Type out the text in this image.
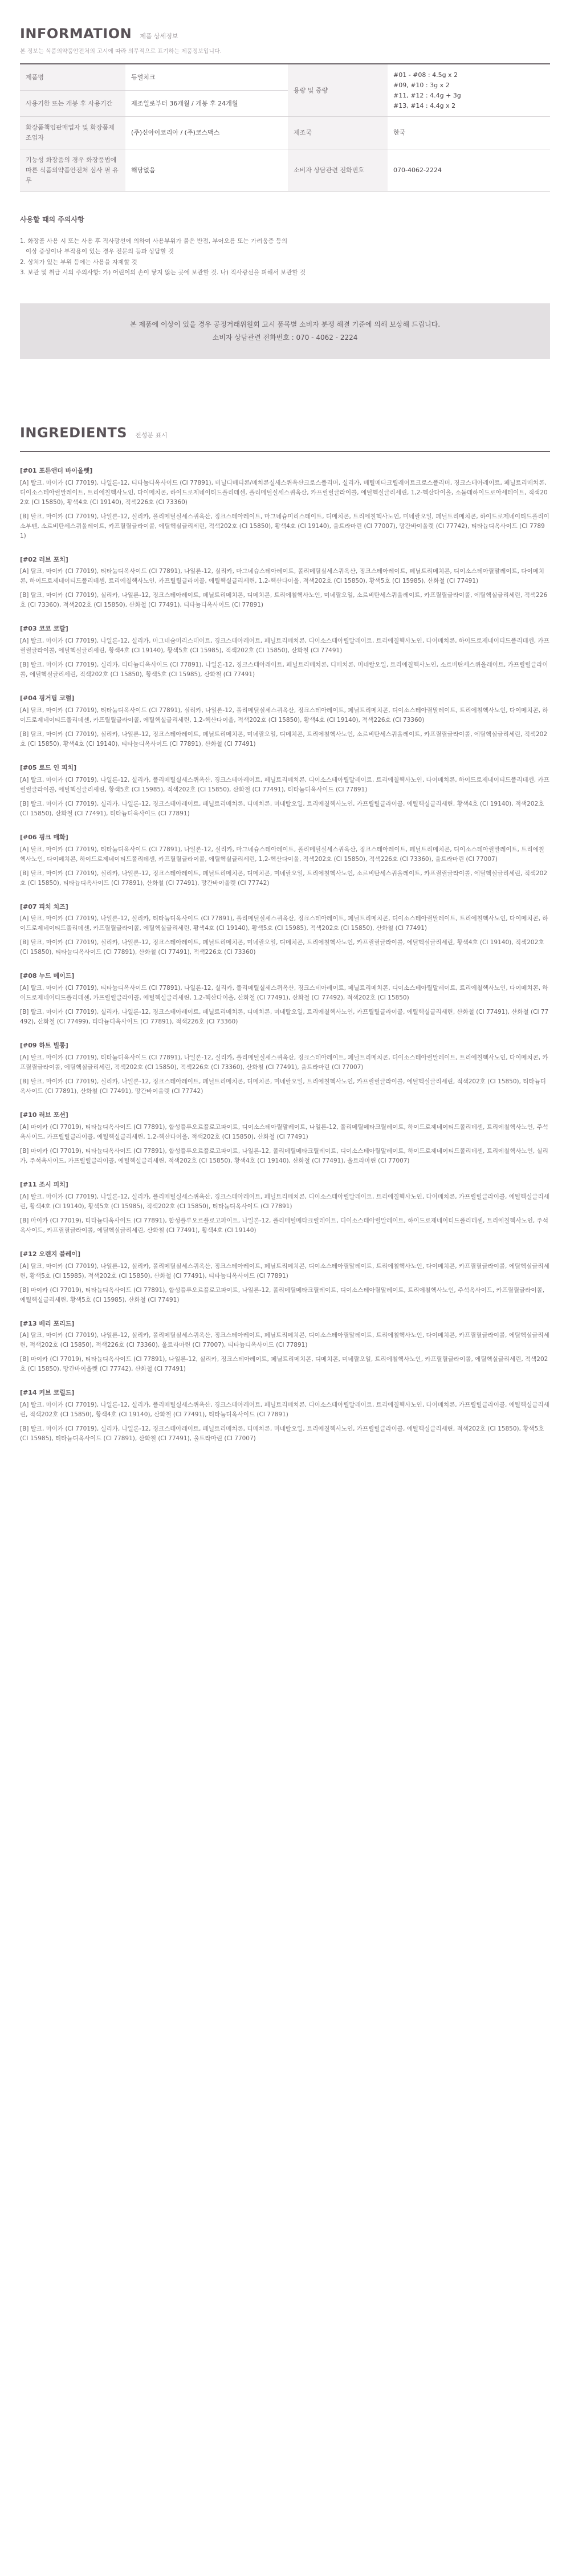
INFORMATION 제품 상세정보

본 정보는 식품의약품안전처의 고시에 따라 의무적으로 표기하는 제품정보입니다.

제품명	듀얼치크	용량 및 중량	#01 - #08 : 4.5g x 2
#09, #10 : 3g x 2
#11, #12 : 4.4g + 3g
#13, #14 : 4.4g x 2

사용기한 또는 개봉 후 사용기간	제조일로부터 36개월 / 개봉 후 24개월		
화장품책임판매업자 및 화장품제조업자	(주)신아이코리아 / (주)코스맥스	제조국	한국
기능성 화장품의 경우 화장품법에 따른 식품의약품안전처 심사 필 유무	해당없음	소비자 상담관련 전화번호	070-4062-2224
사용할 때의 주의사항

1. 화장품 사용 시 또는 사용 후 직사광선에 의하여 사용부위가 붉은 반점, 부어오름 또는 가려움증 등의

이상 증상이나 부작용이 있는 경우 전문의 등과 상담할 것

2. 상처가 있는 부위 등에는 사용을 자제할 것

3. 보관 및 취급 시의 주의사항: 가) 어린이의 손이 닿지 않는 곳에 보관할 것. 나) 직사광선을 피해서 보관할 것

본 제품에 이상이 있을 경우 공정거래위원회 고시 품목별 소비자 분쟁 해결 기준에 의해 보상해 드립니다.

소비자 상담관련 전화번호 : 070 - 4062 - 2224

INGREDIENTS 전성분 표시
[#01 포튼앤더 바이올렛]

[A] 탈크, 마이카 (CI 77019), 나일론-12, 티타늄디옥사이드 (CI 77891), 비닐디메티콘/메치콘실세스퀴옥산크로스폴리머, 실리카, 메틸메타크릴레이트크로스폴리머, 징크스테아레이트, 페닐트리메치콘, 디이소스테아릴말레이트, 트리에칠헥사노인, 다이메치콘, 하이드로제네이티드폴리데센, 폴리메틸실세스퀴옥산, 카프릴릴글라이콜, 에틸헥실글리세린, 1,2-헥산다이올, 소듐데하이드로아세테이트, 적색202호 (CI 15850), 황색4호 (CI 19140), 적색226호 (CI 73360)

[B] 탈크, 마이카 (CI 77019), 나일론-12, 실리카, 폴리메틸실세스퀴옥산, 징크스테아레이트, 마그네슘미리스테이트, 디메치콘, 트리에칠헥사노인, 미네랄오일, 페닐트리메치콘, 하이드로제네이티드폴리이소부텐, 소르비탄세스퀴올레이트, 카프릴릴글라이콜, 에틸헥실글리세린, 적색202호 (CI 15850), 황색4호 (CI 19140), 울트라마린 (CI 77007), 망간바이올렛 (CI 77742), 티타늄디옥사이드 (CI 77891)

[#02 러브 포치]

[A] 탈크, 마이카 (CI 77019), 티타늄디옥사이드 (CI 77891), 나일론-12, 실리카, 마그네슘스테아레이트, 폴리메틸실세스퀴옥산, 징크스테아레이트, 페닐트리메치콘, 디이소스테아릴말레이트, 다이메치콘, 하이드로제네이티드폴리데센, 트리에칠헥사노인, 카프릴릴글라이콜, 에틸헥실글리세린, 1,2-헥산다이올, 적색202호 (CI 15850), 황색5호 (CI 15985), 산화철 (CI 77491)

[B] 탈크, 마이카 (CI 77019), 실리카, 나일론-12, 징크스테아레이트, 페닐트리메치콘, 디메치콘, 트리에칠헥사노인, 미네랄오일, 소르비탄세스퀴올레이트, 카프릴릴글라이콜, 에틸헥실글리세린, 적색226호 (CI 73360), 적색202호 (CI 15850), 산화철 (CI 77491), 티타늄디옥사이드 (CI 77891)

[#03 코코 코랄]

[A] 탈크, 마이카 (CI 77019), 나일론-12, 실리카, 마그네슘미리스테이트, 징크스테아레이트, 페닐트리메치콘, 디이소스테아릴말레이트, 트리에칠헥사노인, 다이메치콘, 하이드로제네이티드폴리데센, 카프릴릴글라이콜, 에틸헥실글리세린, 황색4호 (CI 19140), 황색5호 (CI 15985), 적색202호 (CI 15850), 산화철 (CI 77491)

[B] 탈크, 마이카 (CI 77019), 실리카, 티타늄디옥사이드 (CI 77891), 나일론-12, 징크스테아레이트, 페닐트리메치콘, 디메치콘, 미네랄오일, 트리에칠헥사노인, 소르비탄세스퀴올레이트, 카프릴릴글라이콜, 에틸헥실글리세린, 적색202호 (CI 15850), 황색5호 (CI 15985), 산화철 (CI 77491)

[#04 핑거팁 코럴]

[A] 탈크, 마이카 (CI 77019), 티타늄디옥사이드 (CI 77891), 실리카, 나일론-12, 폴리메틸실세스퀴옥산, 징크스테아레이트, 페닐트리메치콘, 디이소스테아릴말레이트, 트리에칠헥사노인, 다이메치콘, 하이드로제네이티드폴리데센, 카프릴릴글라이콜, 에틸헥실글리세린, 1,2-헥산다이올, 적색202호 (CI 15850), 황색4호 (CI 19140), 적색226호 (CI 73360)

[B] 탈크, 마이카 (CI 77019), 실리카, 나일론-12, 징크스테아레이트, 페닐트리메치콘, 미네랄오일, 디메치콘, 트리에칠헥사노인, 소르비탄세스퀴올레이트, 카프릴릴글라이콜, 에틸헥실글리세린, 적색202호 (CI 15850), 황색4호 (CI 19140), 티타늄디옥사이드 (CI 77891), 산화철 (CI 77491)

[#05 로드 인 피치]

[A] 탈크, 마이카 (CI 77019), 나일론-12, 실리카, 폴리메틸실세스퀴옥산, 징크스테아레이트, 페닐트리메치콘, 디이소스테아릴말레이트, 트리에칠헥사노인, 다이메치콘, 하이드로제네이티드폴리데센, 카프릴릴글라이콜, 에틸헥실글리세린, 황색5호 (CI 15985), 적색202호 (CI 15850), 산화철 (CI 77491), 티타늄디옥사이드 (CI 77891)

[B] 탈크, 마이카 (CI 77019), 실리카, 나일론-12, 징크스테아레이트, 페닐트리메치콘, 디메치콘, 미네랄오일, 트리에칠헥사노인, 카프릴릴글라이콜, 에틸헥실글리세린, 황색4호 (CI 19140), 적색202호 (CI 15850), 산화철 (CI 77491), 티타늄디옥사이드 (CI 77891)

[#06 핑크 매화]

[A] 탈크, 마이카 (CI 77019), 티타늄디옥사이드 (CI 77891), 나일론-12, 실리카, 마그네슘스테아레이트, 폴리메틸실세스퀴옥산, 징크스테아레이트, 페닐트리메치콘, 디이소스테아릴말레이트, 트리에칠헥사노인, 다이메치콘, 하이드로제네이티드폴리데센, 카프릴릴글라이콜, 에틸헥실글리세린, 1,2-헥산다이올, 적색202호 (CI 15850), 적색226호 (CI 73360), 울트라마린 (CI 77007)

[B] 탈크, 마이카 (CI 77019), 실리카, 나일론-12, 징크스테아레이트, 페닐트리메치콘, 디메치콘, 미네랄오일, 트리에칠헥사노인, 소르비탄세스퀴올레이트, 카프릴릴글라이콜, 에틸헥실글리세린, 적색202호 (CI 15850), 티타늄디옥사이드 (CI 77891), 산화철 (CI 77491), 망간바이올렛 (CI 77742)

[#07 피치 치즈]

[A] 탈크, 마이카 (CI 77019), 나일론-12, 실리카, 티타늄디옥사이드 (CI 77891), 폴리메틸실세스퀴옥산, 징크스테아레이트, 페닐트리메치콘, 디이소스테아릴말레이트, 트리에칠헥사노인, 다이메치콘, 하이드로제네이티드폴리데센, 카프릴릴글라이콜, 에틸헥실글리세린, 황색4호 (CI 19140), 황색5호 (CI 15985), 적색202호 (CI 15850), 산화철 (CI 77491)

[B] 탈크, 마이카 (CI 77019), 실리카, 나일론-12, 징크스테아레이트, 페닐트리메치콘, 미네랄오일, 디메치콘, 트리에칠헥사노인, 카프릴릴글라이콜, 에틸헥실글리세린, 황색4호 (CI 19140), 적색202호 (CI 15850), 티타늄디옥사이드 (CI 77891), 산화철 (CI 77491), 적색226호 (CI 73360)

[#08 누드 메이드]

[A] 탈크, 마이카 (CI 77019), 티타늄디옥사이드 (CI 77891), 나일론-12, 실리카, 폴리메틸실세스퀴옥산, 징크스테아레이트, 페닐트리메치콘, 디이소스테아릴말레이트, 트리에칠헥사노인, 다이메치콘, 하이드로제네이티드폴리데센, 카프릴릴글라이콜, 에틸헥실글리세린, 1,2-헥산다이올, 산화철 (CI 77491), 산화철 (CI 77492), 적색202호 (CI 15850)

[B] 탈크, 마이카 (CI 77019), 실리카, 나일론-12, 징크스테아레이트, 페닐트리메치콘, 디메치콘, 미네랄오일, 트리에칠헥사노인, 카프릴릴글라이콜, 에틸헥실글리세린, 산화철 (CI 77491), 산화철 (CI 77492), 산화철 (CI 77499), 티타늄디옥사이드 (CI 77891), 적색226호 (CI 73360)

[#09 하트 빌롱]

[A] 탈크, 마이카 (CI 77019), 티타늄디옥사이드 (CI 77891), 나일론-12, 실리카, 폴리메틸실세스퀴옥산, 징크스테아레이트, 페닐트리메치콘, 디이소스테아릴말레이트, 트리에칠헥사노인, 다이메치콘, 카프릴릴글라이콜, 에틸헥실글리세린, 적색202호 (CI 15850), 적색226호 (CI 73360), 산화철 (CI 77491), 울트라마린 (CI 77007)

[B] 탈크, 마이카 (CI 77019), 실리카, 나일론-12, 징크스테아레이트, 페닐트리메치콘, 디메치콘, 미네랄오일, 트리에칠헥사노인, 카프릴릴글라이콜, 에틸헥실글리세린, 적색202호 (CI 15850), 티타늄디옥사이드 (CI 77891), 산화철 (CI 77491), 망간바이올렛 (CI 77742)

[#10 러브 포션]

[A] 마이카 (CI 77019), 티타늄디옥사이드 (CI 77891), 합성플루오르플로고파이트, 디이소스테아릴말레이트, 나일론-12, 폴리메틸메타크릴레이트, 하이드로제네이티드폴리데센, 트리에칠헥사노인, 주석옥사이드, 카프릴릴글라이콜, 에틸헥실글리세린, 1,2-헥산다이올, 적색202호 (CI 15850), 산화철 (CI 77491)

[B] 마이카 (CI 77019), 티타늄디옥사이드 (CI 77891), 합성플루오르플로고파이트, 나일론-12, 폴리메틸메타크릴레이트, 디이소스테아릴말레이트, 하이드로제네이티드폴리데센, 트리에칠헥사노인, 실리카, 주석옥사이드, 카프릴릴글라이콜, 에틸헥실글리세린, 적색202호 (CI 15850), 황색4호 (CI 19140), 산화철 (CI 77491), 울트라마린 (CI 77007)

[#11 조시 피치]

[A] 탈크, 마이카 (CI 77019), 나일론-12, 실리카, 폴리메틸실세스퀴옥산, 징크스테아레이트, 페닐트리메치콘, 디이소스테아릴말레이트, 트리에칠헥사노인, 다이메치콘, 카프릴릴글라이콜, 에틸헥실글리세린, 황색4호 (CI 19140), 황색5호 (CI 15985), 적색202호 (CI 15850), 티타늄디옥사이드 (CI 77891)

[B] 마이카 (CI 77019), 티타늄디옥사이드 (CI 77891), 합성플루오르플로고파이트, 나일론-12, 폴리메틸메타크릴레이트, 디이소스테아릴말레이트, 하이드로제네이티드폴리데센, 트리에칠헥사노인, 주석옥사이드, 카프릴릴글라이콜, 에틸헥실글리세린, 산화철 (CI 77491), 황색4호 (CI 19140)

[#12 오렌지 블레이]

[A] 탈크, 마이카 (CI 77019), 나일론-12, 실리카, 폴리메틸실세스퀴옥산, 징크스테아레이트, 페닐트리메치콘, 디이소스테아릴말레이트, 트리에칠헥사노인, 다이메치콘, 카프릴릴글라이콜, 에틸헥실글리세린, 황색5호 (CI 15985), 적색202호 (CI 15850), 산화철 (CI 77491), 티타늄디옥사이드 (CI 77891)

[B] 마이카 (CI 77019), 티타늄디옥사이드 (CI 77891), 합성플루오르플로고파이트, 나일론-12, 폴리메틸메타크릴레이트, 디이소스테아릴말레이트, 트리에칠헥사노인, 주석옥사이드, 카프릴릴글라이콜, 에틸헥실글리세린, 황색5호 (CI 15985), 산화철 (CI 77491)

[#13 베리 포리드]

[A] 탈크, 마이카 (CI 77019), 나일론-12, 실리카, 폴리메틸실세스퀴옥산, 징크스테아레이트, 페닐트리메치콘, 디이소스테아릴말레이트, 트리에칠헥사노인, 다이메치콘, 카프릴릴글라이콜, 에틸헥실글리세린, 적색202호 (CI 15850), 적색226호 (CI 73360), 울트라마린 (CI 77007), 티타늄디옥사이드 (CI 77891)

[B] 마이카 (CI 77019), 티타늄디옥사이드 (CI 77891), 나일론-12, 실리카, 징크스테아레이트, 페닐트리메치콘, 디메치콘, 미네랄오일, 트리에칠헥사노인, 카프릴릴글라이콜, 에틸헥실글리세린, 적색202호 (CI 15850), 망간바이올렛 (CI 77742), 산화철 (CI 77491)

[#14 커브 코럴드]

[A] 탈크, 마이카 (CI 77019), 나일론-12, 실리카, 폴리메틸실세스퀴옥산, 징크스테아레이트, 페닐트리메치콘, 디이소스테아릴말레이트, 트리에칠헥사노인, 다이메치콘, 카프릴릴글라이콜, 에틸헥실글리세린, 적색202호 (CI 15850), 황색4호 (CI 19140), 산화철 (CI 77491), 티타늄디옥사이드 (CI 77891)

[B] 탈크, 마이카 (CI 77019), 실리카, 나일론-12, 징크스테아레이트, 페닐트리메치콘, 디메치콘, 미네랄오일, 트리에칠헥사노인, 카프릴릴글라이콜, 에틸헥실글리세린, 적색202호 (CI 15850), 황색5호 (CI 15985), 티타늄디옥사이드 (CI 77891), 산화철 (CI 77491), 울트라마린 (CI 77007)
